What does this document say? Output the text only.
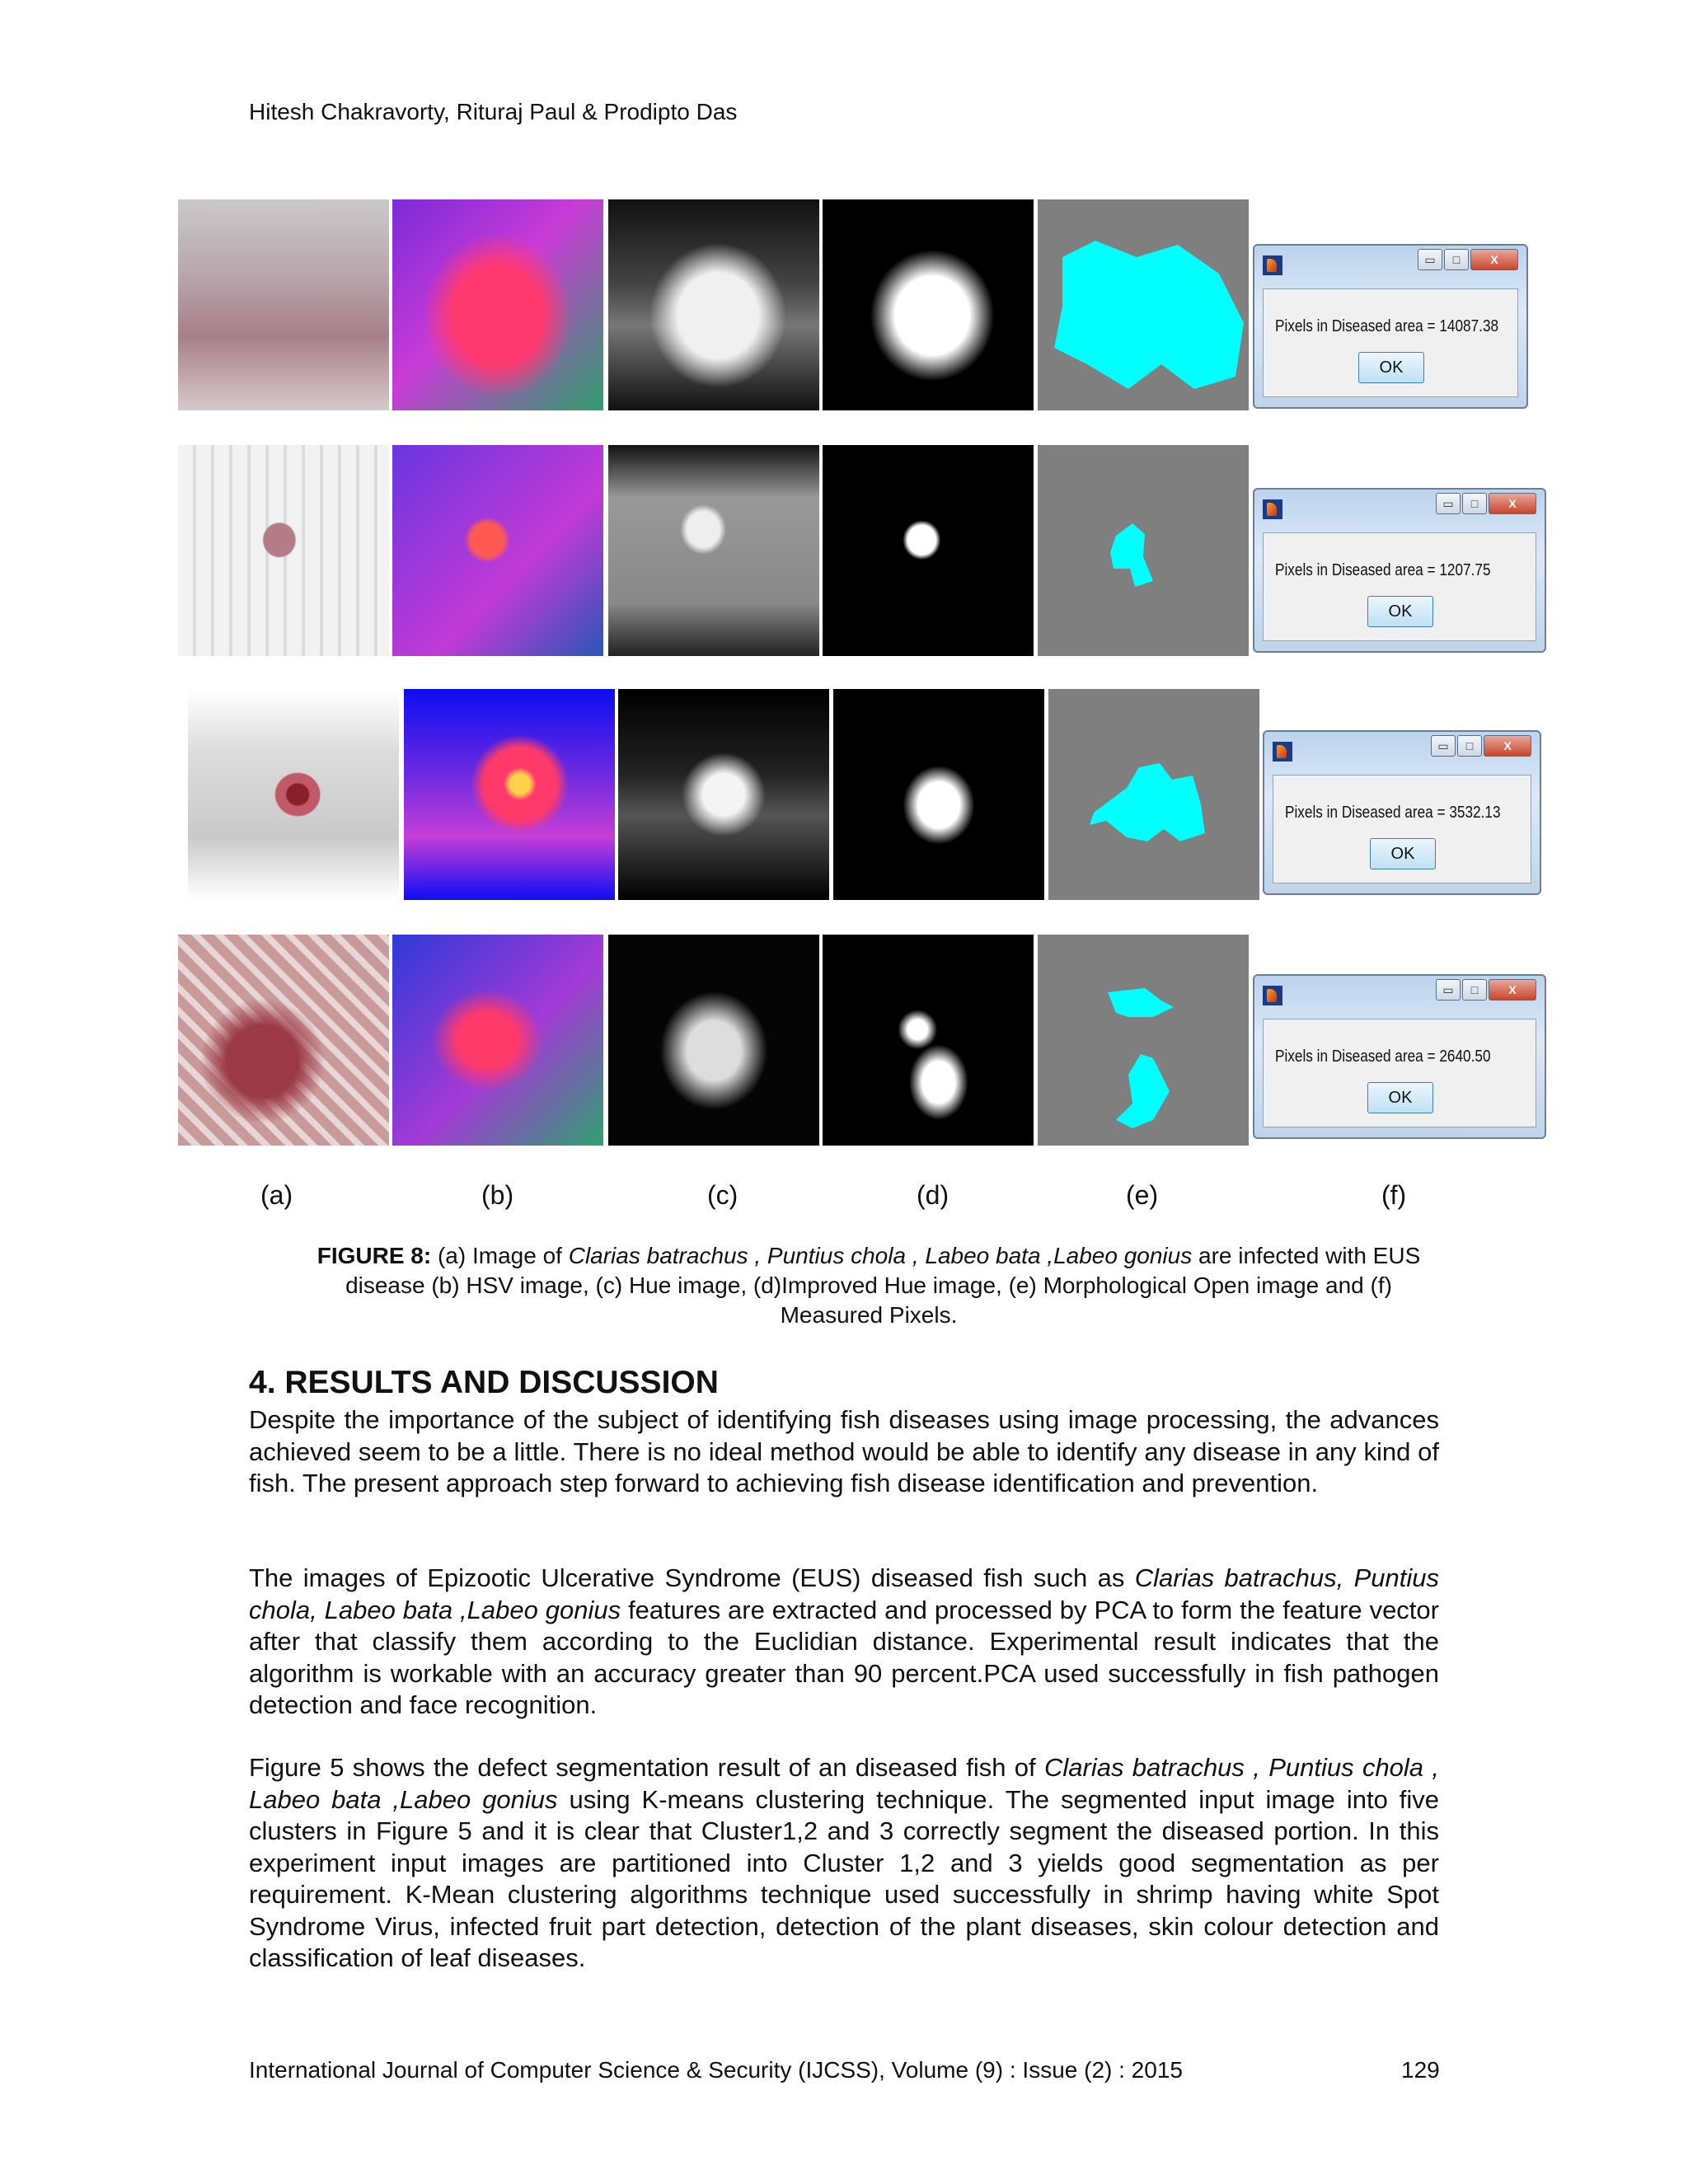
Hitesh Chakravorty, Rituraj Paul & Prodipto Das
▭	□	X
Pixels in Diseased area = 14087.38
OK
▭	□	X
Pixels in Diseased area = 1207.75
OK
▭	□	X
Pixels in Diseased area = 3532.13
OK
▭	□	X
Pixels in Diseased area = 2640.50
OK
(a)	(b)	(c)	(d)	(e)	(f)
FIGURE 8: (a) Image of Clarias batrachus , Puntius chola , Labeo bata ,Labeo gonius are infected with EUS disease (b) HSV image, (c) Hue image, (d)Improved Hue image, (e) Morphological Open image and (f) Measured Pixels.
4. RESULTS AND DISCUSSION
Despite the importance of the subject of identifying fish diseases using image processing, the advances achieved seem to be a little. There is no ideal method would be able to identify any disease in any kind of fish. The present approach step forward to achieving fish disease identification and prevention.
The images of Epizootic Ulcerative Syndrome (EUS) diseased fish such as Clarias batrachus, Puntius chola, Labeo bata ,Labeo gonius features are extracted and processed by PCA to form the feature vector after that classify them according to the Euclidian distance. Experimental result indicates that the algorithm is workable with an accuracy greater than 90 percent.PCA used successfully in fish pathogen detection and face recognition.
Figure 5 shows the defect segmentation result of an diseased fish of Clarias batrachus , Puntius chola , Labeo bata ,Labeo gonius using K-means clustering technique. The segmented input image into five clusters in Figure 5 and it is clear that Cluster1,2 and 3 correctly segment the diseased portion. In this experiment input images are partitioned into Cluster 1,2 and 3 yields good segmentation as per requirement. K-Mean clustering algorithms technique used successfully in shrimp having white Spot Syndrome Virus, infected fruit part detection, detection of the plant diseases, skin colour detection and classification of leaf diseases.
International Journal of Computer Science & Security (IJCSS), Volume (9) : Issue (2) : 2015	129
